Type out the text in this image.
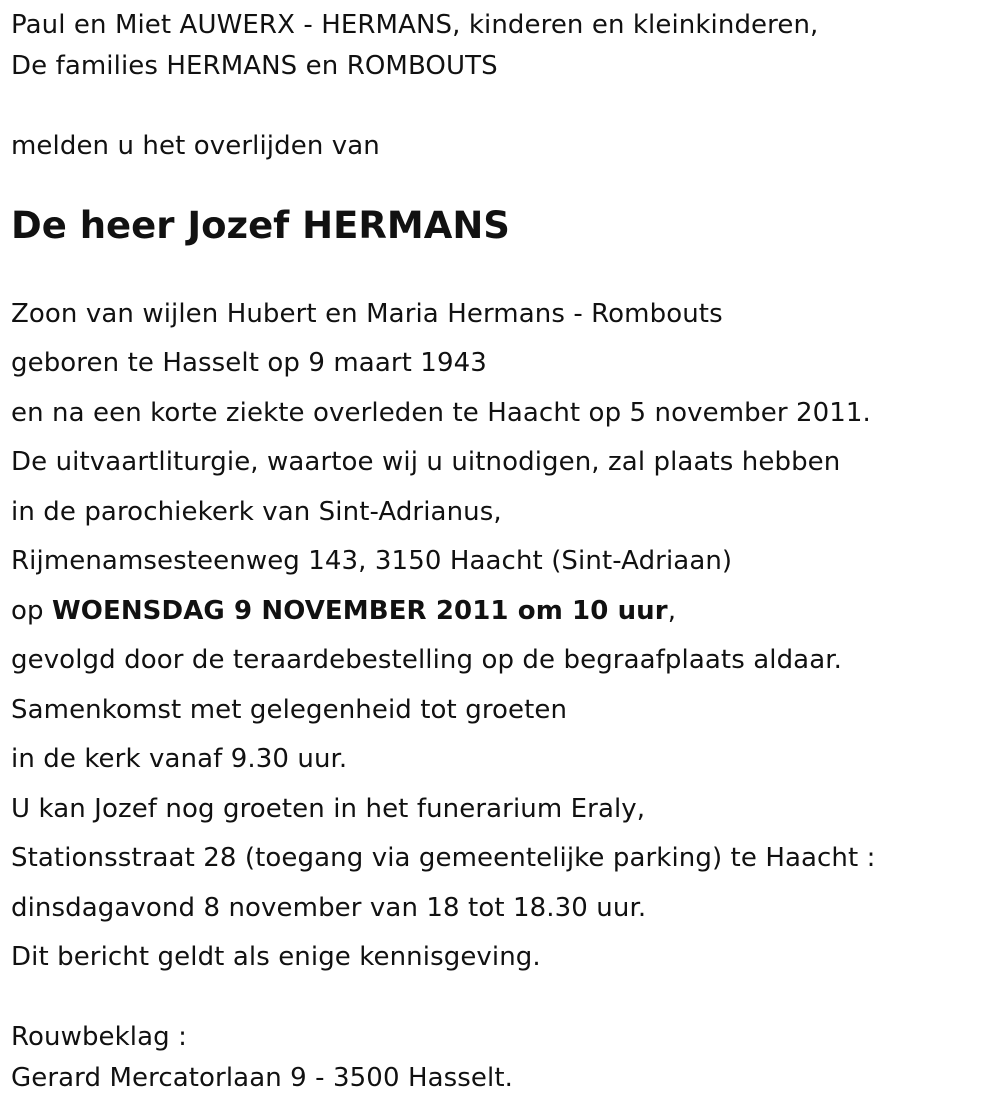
Paul en Miet AUWERX - HERMANS, kinderen en kleinkinderen,
De families HERMANS en ROMBOUTS
melden u het overlijden van
De heer Jozef HERMANS
Zoon van wijlen Hubert en Maria Hermans - Rombouts
geboren te Hasselt op 9 maart 1943
en na een korte ziekte overleden te Haacht op 5 november 2011.
De uitvaartliturgie, waartoe wij u uitnodigen, zal plaats hebben
in de parochiekerk van Sint-Adrianus,
Rijmenamsesteenweg 143, 3150 Haacht (Sint-Adriaan)
op WOENSDAG 9 NOVEMBER 2011 om 10 uur,
gevolgd door de teraardebestelling op de begraafplaats aldaar.
Samenkomst met gelegenheid tot groeten
in de kerk vanaf 9.30 uur.
U kan Jozef nog groeten in het funerarium Eraly,
Stationsstraat 28 (toegang via gemeentelijke parking) te Haacht :
dinsdagavond 8 november van 18 tot 18.30 uur.
Dit bericht geldt als enige kennisgeving.
Rouwbeklag :
Gerard Mercatorlaan 9 - 3500 Hasselt.
